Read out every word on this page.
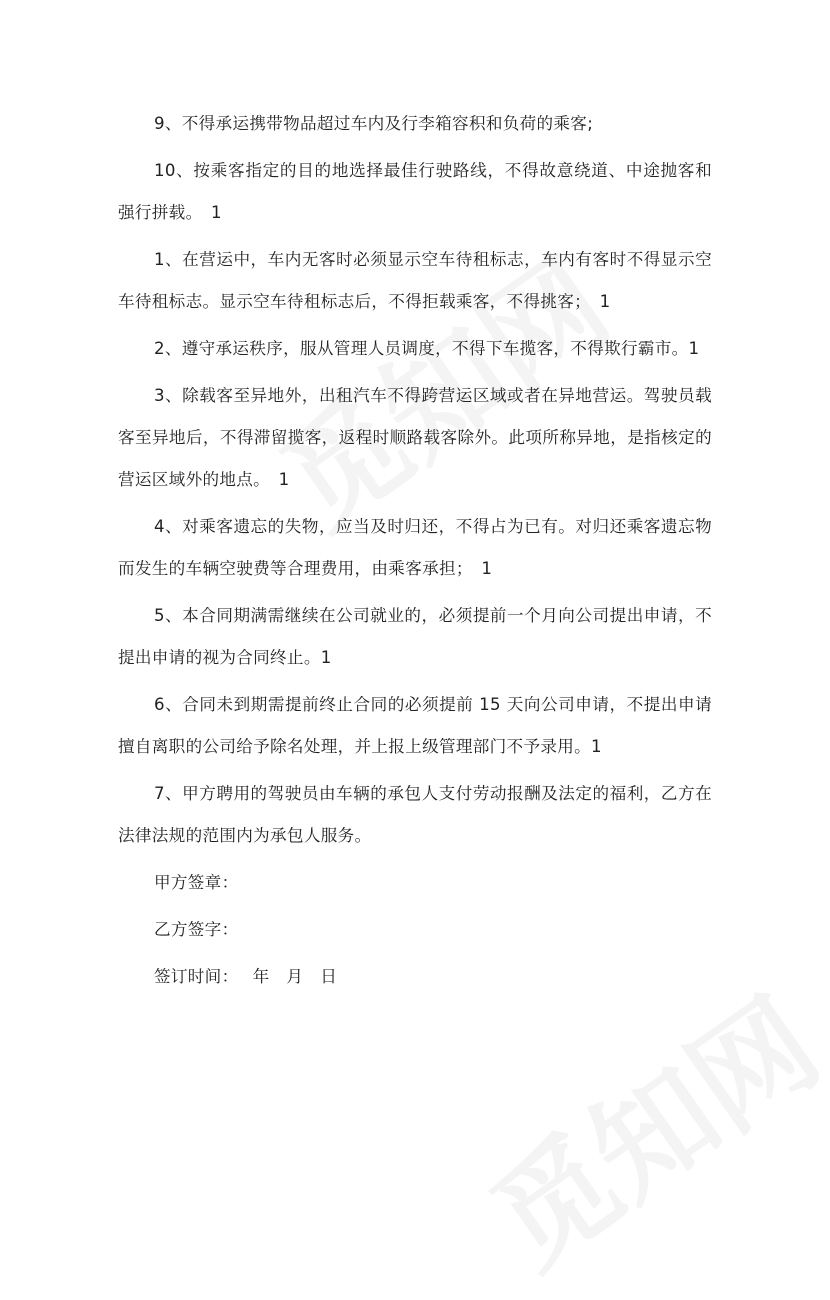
9、不得承运携带物品超过车内及行李箱容积和负荷的乘客;

10、按乘客指定的目的地选择最佳行驶路线，不得故意绕道、中途抛客和强行拼载。　1

1、在营运中，车内无客时必须显示空车待租标志，车内有客时不得显示空车待租标志。显示空车待租标志后，不得拒载乘客，不得挑客；　1

2、遵守承运秩序，服从管理人员调度，不得下车揽客，不得欺行霸市。1

3、除载客至异地外，出租汽车不得跨营运区域或者在异地营运。驾驶员载客至异地后，不得滞留揽客，返程时顺路载客除外。此项所称异地，是指核定的营运区域外的地点。　1

4、对乘客遗忘的失物，应当及时归还，不得占为已有。对归还乘客遗忘物而发生的车辆空驶费等合理费用，由乘客承担；　1

5、本合同期满需继续在公司就业的，必须提前一个月向公司提出申请，不提出申请的视为合同终止。1

6、合同未到期需提前终止合同的必须提前 15 天向公司申请，不提出申请擅自离职的公司给予除名处理，并上报上级管理部门不予录用。1

7、甲方聘用的驾驶员由车辆的承包人支付劳动报酬及法定的福利，乙方在法律法规的范围内为承包人服务。

甲方签章：

乙方签字：

签订时间：　 年　月　日
